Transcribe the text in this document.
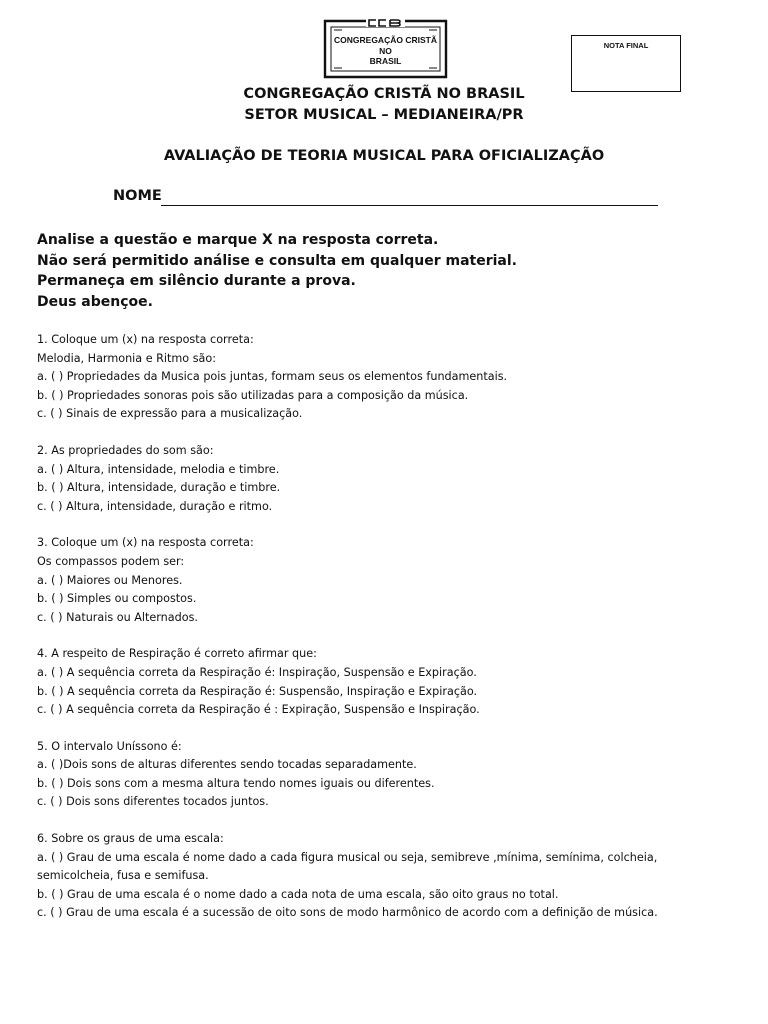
CONGREGAÇÃO CRISTÃ
NO
BRASIL
NOTA FINAL
CONGREGAÇÃO CRISTÃ NO BRASIL
SETOR MUSICAL – MEDIANEIRA/PR
AVALIAÇÃO DE TEORIA MUSICAL PARA OFICIALIZAÇÃO
NOME
Analise a questão e marque X na resposta correta.
Não será permitido análise e consulta em qualquer material.
Permaneça em silêncio durante a prova.
Deus abençoe.
1. Coloque um (x) na resposta correta:
Melodia, Harmonia e Ritmo são:
a. ( ) Propriedades da Musica pois juntas, formam seus os elementos fundamentais.
b. ( ) Propriedades sonoras pois são utilizadas para a composição da música.
c. ( ) Sinais de expressão para a musicalização.
2. As propriedades do som são:
a. ( ) Altura, intensidade, melodia e timbre.
b. ( ) Altura, intensidade, duração e timbre.
c. ( ) Altura, intensidade, duração e ritmo.
3. Coloque um (x) na resposta correta:
Os compassos podem ser:
a. ( ) Maiores ou Menores.
b. ( ) Simples ou compostos.
c. ( ) Naturais ou Alternados.
4. A respeito de Respiração é correto afirmar que:
a. ( ) A sequência correta da Respiração é: Inspiração, Suspensão e Expiração.
b. ( ) A sequência correta da Respiração é: Suspensão, Inspiração e Expiração.
c. ( ) A sequência correta da Respiração é : Expiração, Suspensão e Inspiração.
5. O intervalo Uníssono é:
a. ( )Dois sons de alturas diferentes sendo tocadas separadamente.
b. ( ) Dois sons com a mesma altura tendo nomes iguais ou diferentes.
c. ( ) Dois sons diferentes tocados juntos.
6. Sobre os graus de uma escala:
a. ( ) Grau de uma escala é nome dado a cada figura musical ou seja, semibreve ,mínima, semínima, colcheia, semicolcheia, fusa e semifusa.
b. ( ) Grau de uma escala é o nome dado a cada nota de uma escala, são oito graus no total.
c. ( ) Grau de uma escala é a sucessão de oito sons de modo harmônico de acordo com a definição de música.
